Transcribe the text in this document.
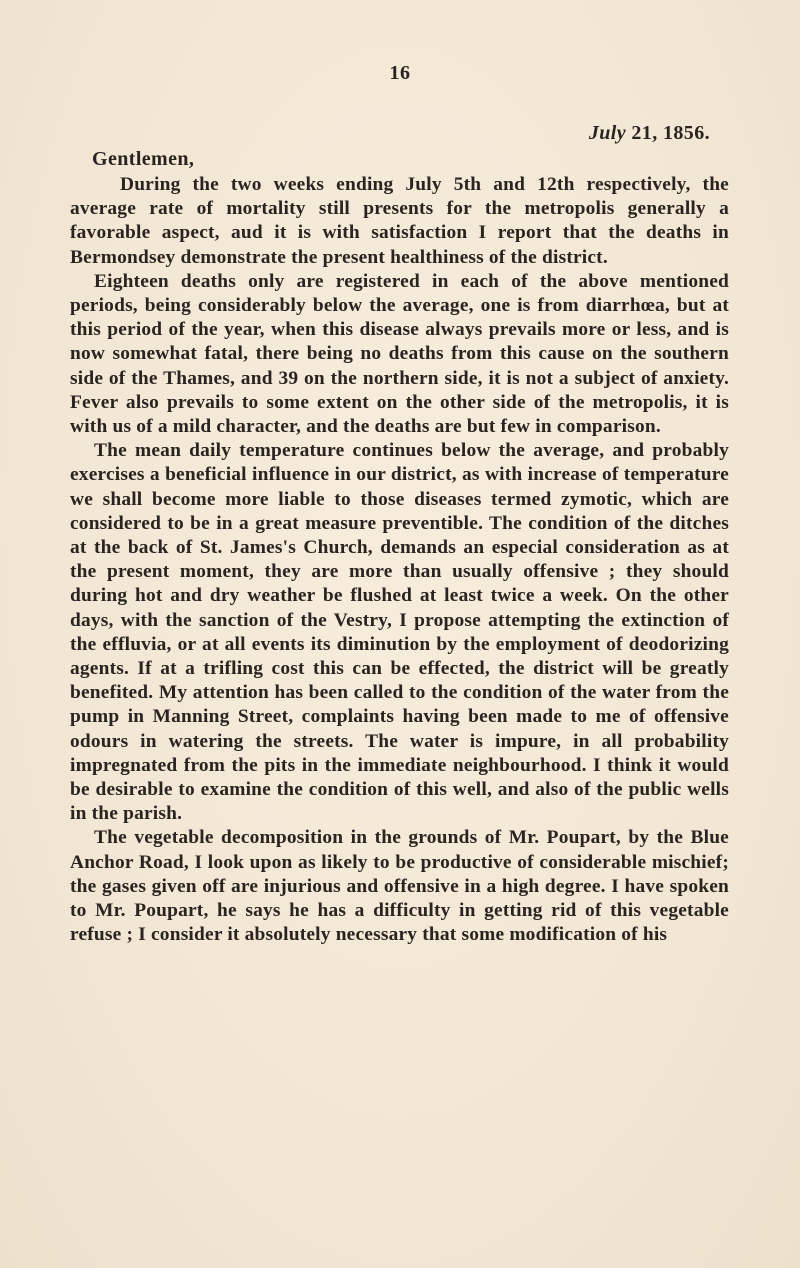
16
July 21, 1856.
Gentlemen,

During the two weeks ending July 5th and 12th respectively, the average rate of mortality still presents for the metropolis generally a favorable aspect, aud it is with satisfaction I report that the deaths in Bermondsey demonstrate the present healthiness of the district.

Eighteen deaths only are registered in each of the above mentioned periods, being considerably below the average, one is from diarrhœa, but at this period of the year, when this disease always prevails more or less, and is now somewhat fatal, there being no deaths from this cause on the southern side of the Thames, and 39 on the northern side, it is not a subject of anxiety. Fever also prevails to some extent on the other side of the metropolis, it is with us of a mild character, and the deaths are but few in comparison.

The mean daily temperature continues below the average, and probably exercises a beneficial influence in our district, as with increase of temperature we shall become more liable to those diseases termed zymotic, which are considered to be in a great measure preventible. The condition of the ditches at the back of St. James's Church, demands an especial consideration as at the present moment, they are more than usually offensive ; they should during hot and dry weather be flushed at least twice a week. On the other days, with the sanction of the Vestry, I propose attempting the extinction of the effluvia, or at all events its diminution by the employment of deodorizing agents. If at a trifling cost this can be effected, the district will be greatly benefited. My attention has been called to the condition of the water from the pump in Manning Street, complaints having been made to me of offensive odours in watering the streets. The water is impure, in all probability impregnated from the pits in the immediate neighbourhood. I think it would be desirable to examine the condition of this well, and also of the public wells in the parish.

The vegetable decomposition in the grounds of Mr. Poupart, by the Blue Anchor Road, I look upon as likely to be productive of considerable mischief; the gases given off are injurious and offensive in a high degree. I have spoken to Mr. Poupart, he says he has a difficulty in getting rid of this vegetable refuse ; I consider it absolutely necessary that some modification of his
